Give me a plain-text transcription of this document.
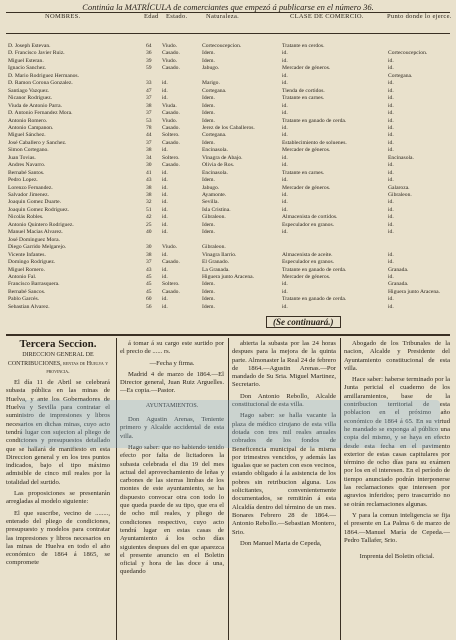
Continúa la MATRÍCULA de comerciantes que empezó á publicarse en el número 36.
NOMBRES.	Edad Estado.	Naturaleza.	CLASE DE COMERCIO.	Punto donde lo ejerce.
D. Joseph Estevan.	64 Viudo.	Cortecoucepcion.	Tratante en cerdos.
D. Francisco Javier Ruiz.	36 Casado.	Idem.	id.	Cortecoucepcion.
Miguel Esteran.	39 Viudo.	Idem.	id.	id.
Ignacio Sanchez.	59 Casado.	Jabugo.	Mercader de géneros.	id.
D. Mario Rodriguez Hermanos.	id.	Cortegana.
D. Ramon Corona Gonzalez.	33 id.	Marigo.	id.	id.
Santiago Vazquez.	47 id.	Cortegana.	Tienda de cortidos.	id.
Nicanor Rodriguez.	37 id.	Idem.	Tratante en carnes.	id.
Viuda de Antonio Parra.	38 Viuda.	Idem.	id.	id.
D. Antonio Fernandez Mora.	37 Casado.	Idem.	id.	id.
Antonio Romero.	53 Viudo.	Idem.	Tratante en ganado de cerda.	id.
Antonio Campanon.	78 Casado.	Jerez de los Caballeros.	id.	id.
Miguel Sánchez.	44 Soltero.	Cortegana.	id.	id.
José Caballero y Sanchez.	37 Casado.	Idem.	Establecimiento de soluenes.	id.
Simon Cortegano.	38 id.	Encinasola.	Mercader de géneros.	id.
Juan Tovias.	34 Soltero.	Vinagra de Abajo.	id.	Encinasola.
Andres Navarro.	30 Casado.	Olivia de Ros.	id.	id.
Bernabé Santos.	41 id.	Encinasola.	Tratante en carnes.	id.
Pedro Lopez.	43 id.	Idem.	id.	id.
Lorenzo Fernandez.	38 id.	Jabugo.	Mercader de géneros.	Galaroza.
Salvador Jimenez.	38 id.	Ayamonte.	id.	Gibraleon.
Joaquin Gomez Duarte.	32 id.	Sevilla.	id.	id.
Joaquin Gomez Rodriguez.	51 id.	Isla Cristina.	id.	id.
Nicolás Robles.	42 id.	Gibraleon.	Almacenista de cortidos.	id.
Antonio Quintero Rodriguez.	25 id.	Idem.	Especulador en granos.	id.
Manuel Macias Alvarez.	40 id.	Idem.	id.	id.
José Dominguez Mora.
Diego Garrido Melgarejo.	30 Viudo.	Gibraleon.
Vicente Infantes.	38 id.	Vinagra Ilarrio.	Almacenista de aceite.	id.
Domingo Rodriguez.	37 Casado.	El Granado.	Especulador en granos.	id.
Miguel Romero.	43 id.	La Granada.	Tratante en ganado de cerda.	Granada.
Antonio Fal.	45 id.	Higuera junto Aracena.	Mercader de géneros.	id.
Francisco Barrasquera.	45 Soltero.	Idem.	id.	Granada.
Bernabé Sancos.	45 Casado.	Idem.	id.	Higuera junto Aracena.
Pablo Garcés.	60 id.	Idem.	Tratante en ganado de cerda.	id.
Sebastian Alvarez.	56 id.	Idem.	id.	id.
(Se continuará.)

Tercera Seccion.

DIRECCION GENERAL DE CONTRIBUCIONES, rentas de Huelva y provincia.

El día 11 de Abril se celebrará subasta pública en las minas de Huelva, y ante los Gobernadores de Huelva y Sevilla para contratar el suministro de impresiones y libros necesarios en dichas minas, cuyo acto tendrá lugar con sujecion al pliego de condiciones y presupuestos detallado que se hallará de manifiesto en esta Direccion general y en los tres puntos indicados, bajo el tipo máximo admisible de cinco mil reales por la totalidad del surtido.

Las proposiciones se presentarán arregladas al modelo siguiente:

El que suscribe, vecino de ........, enterado del pliego de condiciones, presupuesto y modelos para contratar las impresiones y libros necesarios en las minas de Huelva en todo el año económico de 1864 á 1865, se compromete

á tomar á su cargo este surtido por el precio de ...... rs.

—Fecha y firma.

Madrid 4 de marzo de 1864.—El Director general, Juan Ruiz Arguelles.—Es copia.—Pastor.

AYUNTAMIENTOS.

Don Agustin Arenas, Teniente primero y Alcalde accidental de esta villa.

Hago saber: que no habiendo tenido efecto por falta de licitadores la subasta celebrada el dia 19 del mes actual del aprovechamiento de leñas y carbones de las sierras limbas de los montes de este ayuntamiento, se ha dispuesto convocar otra con todo lo que queda puede de su tipo, que era el de ocho mil reales, y pliego de condiciones respectivo, cuyo acto tendrá lugar en estas casas de Ayuntamiento á los ocho días siguientes despues del en que aparezca el presente anuncio en el Boletin oficial y hora de las doce á una, quedando

abierta la subasta por las 24 horas despues para la mejora de la quinta parte. Almonaster la Real 24 de febrero de 1864.—Agustin Arenas.—Por mandado de Su Sria. Miguel Martinez, Secretario.

Don Antonio Rebollo, Alcalde constitucional de esta villa.

Hago saber: se halla vacante la plaza de médico cirujano de esta villa dotada con tres mil reales anuales cobrados de los fondos de Beneficencia municipal de la misma por trimestres vencidos, y además las igualas que se pacten con esos vecinos, estando obligado á la asistencia de los pobres sin retribucion alguna. Los solicitantes, convenientemente documentados, se remitirán á esta Alcaldía dentro del término de un mes. Bonares Febrero 28 de 1864.—Antonio Rebollo.—Sebastian Montero, Srio.

Don Manuel Maria de Cepeda,

Abogado de los Tribunales de la nacion, Alcalde y Presidente del Ayuntamiento constitucional de esta villa.

Hace saber: haberse terminado por la Junta pericial el cuaderno de los amillaramientos, base de la contribucion territorial de esta poblacion en el próximo año económico de 1864 á 65. En su virtud he mandado se exponga al público una copia del mismo, y se haya en efecto desde esta fecha en el pavimento exterior de estas casas capitulares por término de ocho días para su exámen por los en el interesen. En el período de tiempo anunciado podrán interponerse las reclamaciones que interesen por agravios inferidos; pero trascurrido no se oirán reclamaciones algunas.

Y para la comun inteligencia se fija el presente en La Palma 6 de marzo de 1864.—Manuel María de Cepeda.—Pedro Tallafer, Srio.

Imprenta del Boletin oficial.
